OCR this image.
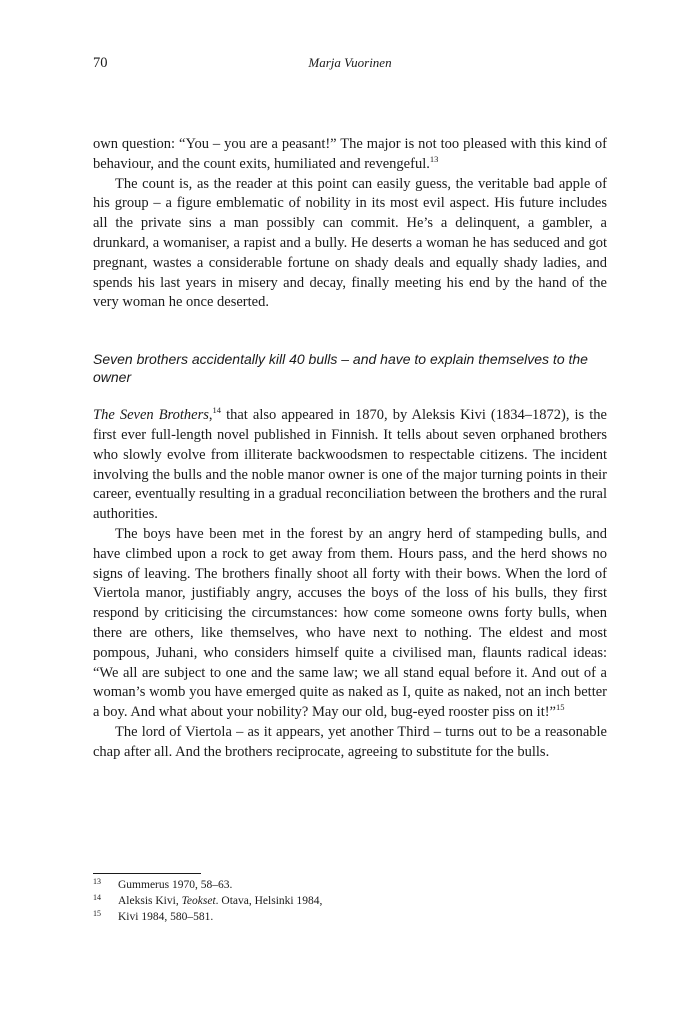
70	Marja Vuorinen

own question: “You – you are a peasant!” The major is not too pleased with this kind of behaviour, and the count exits, humiliated and revengeful.$^{13}$

The count is, as the reader at this point can easily guess, the veritable bad apple of his group – a figure emblematic of nobility in its most evil aspect. His future includes all the private sins a man possibly can commit. He’s a delinquent, a gambler, a drunkard, a womaniser, a rapist and a bully. He deserts a woman he has seduced and got pregnant, wastes a considerable fortune on shady deals and equally shady ladies, and spends his last years in misery and decay, finally meeting his end by the hand of the very woman he once deserted.

Seven brothers accidentally kill 40 bulls – and have to explain themselves to the owner

The Seven Brothers,$^{14}$ that also appeared in 1870, by Aleksis Kivi (1834–1872), is the first ever full-length novel published in Finnish. It tells about seven orphaned brothers who slowly evolve from illiterate backwoodsmen to respectable citizens. The incident involving the bulls and the noble manor owner is one of the major turning points in their career, eventually resulting in a gradual reconciliation between the brothers and the rural authorities.

The boys have been met in the forest by an angry herd of stampeding bulls, and have climbed upon a rock to get away from them. Hours pass, and the herd shows no signs of leaving. The brothers finally shoot all forty with their bows. When the lord of Viertola manor, justifiably angry, accuses the boys of the loss of his bulls, they first respond by criticising the circumstances: how come someone owns forty bulls, when there are others, like themselves, who have next to nothing. The eldest and most pompous, Juhani, who considers himself quite a civilised man, flaunts radical ideas: “We all are subject to one and the same law; we all stand equal before it. And out of a woman’s womb you have emerged quite as naked as I, quite as naked, not an inch better a boy. And what about your nobility? May our old, bug-eyed rooster piss on it!”$^{15}$

The lord of Viertola – as it appears, yet another Third – turns out to be a reasonable chap after all. And the brothers reciprocate, agreeing to substitute for the bulls.

13 Gummerus 1970, 58–63.
14 Aleksis Kivi, Teokset. Otava, Helsinki 1984,
15 Kivi 1984, 580–581.
